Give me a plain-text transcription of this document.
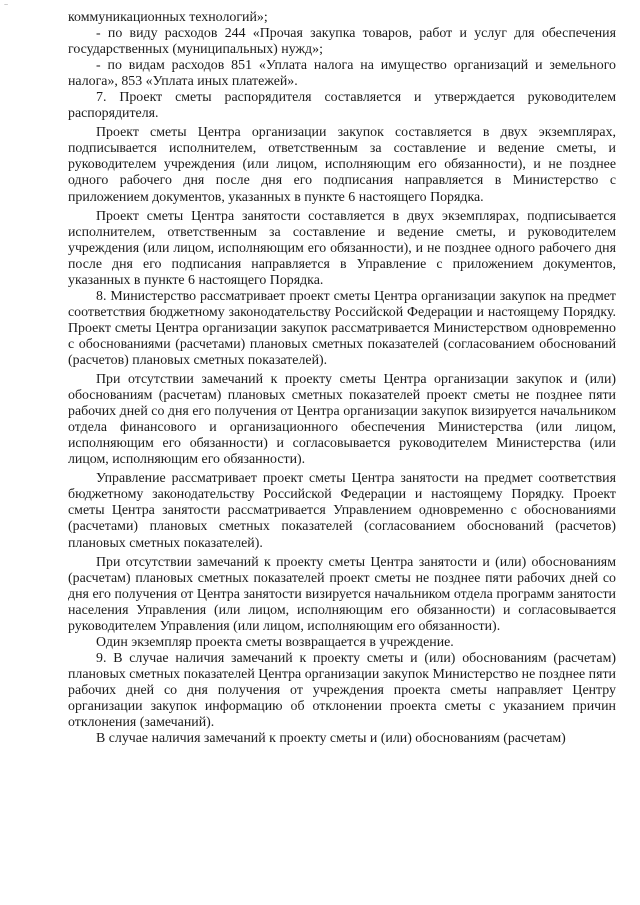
~

коммуникационных технологий»;

- по виду расходов 244 «Прочая закупка товаров, работ и услуг для обеспечения государственных (муниципальных) нужд»;

- по видам расходов 851 «Уплата налога на имущество организаций и земельного налога», 853 «Уплата иных платежей».

7. Проект сметы распорядителя составляется и утверждается руководителем распорядителя.

Проект сметы Центра организации закупок составляется в двух экземплярах, подписывается исполнителем, ответственным за составление и ведение сметы, и руководителем учреждения (или лицом, исполняющим его обязанности), и не позднее одного рабочего дня после дня его подписания направляется в Министерство с приложением документов, указанных в пункте 6 настоящего Порядка.

Проект сметы Центра занятости составляется в двух экземплярах, подписывается исполнителем, ответственным за составление и ведение сметы, и руководителем учреждения (или лицом, исполняющим его обязанности), и не позднее одного рабочего дня после дня его подписания направляется в Управление с приложением документов, указанных в пункте 6 настоящего Порядка.

8. Министерство рассматривает проект сметы Центра организации закупок на предмет соответствия бюджетному законодательству Российской Федерации и настоящему Порядку. Проект сметы Центра организации закупок рассматривается Министерством одновременно с обоснованиями (расчетами) плановых сметных показателей (согласованием обоснований (расчетов) плановых сметных показателей).

При отсутствии замечаний к проекту сметы Центра организации закупок и (или) обоснованиям (расчетам) плановых сметных показателей проект сметы не позднее пяти рабочих дней со дня его получения от Центра организации закупок визируется начальником отдела финансового и организационного обеспечения Министерства (или лицом, исполняющим его обязанности) и согласовывается руководителем Министерства (или лицом, исполняющим его обязанности).

Управление рассматривает проект сметы Центра занятости на предмет соответствия бюджетному законодательству Российской Федерации и настоящему Порядку. Проект сметы Центра занятости рассматривается Управлением одновременно с обоснованиями (расчетами) плановых сметных показателей (согласованием обоснований (расчетов) плановых сметных показателей).

При отсутствии замечаний к проекту сметы Центра занятости и (или) обоснованиям (расчетам) плановых сметных показателей проект сметы не позднее пяти рабочих дней со дня его получения от Центра занятости визируется начальником отдела программ занятости населения Управления (или лицом, исполняющим его обязанности) и согласовывается руководителем Управления (или лицом, исполняющим его обязанности).

Один экземпляр проекта сметы возвращается в учреждение.

9. В случае наличия замечаний к проекту сметы и (или) обоснованиям (расчетам) плановых сметных показателей Центра организации закупок Министерство не позднее пяти рабочих дней со дня получения от учреждения проекта сметы направляет Центру организации закупок информацию об отклонении проекта сметы с указанием причин отклонения (замечаний).

В случае наличия замечаний к проекту сметы и (или) обоснованиям (расчетам)
